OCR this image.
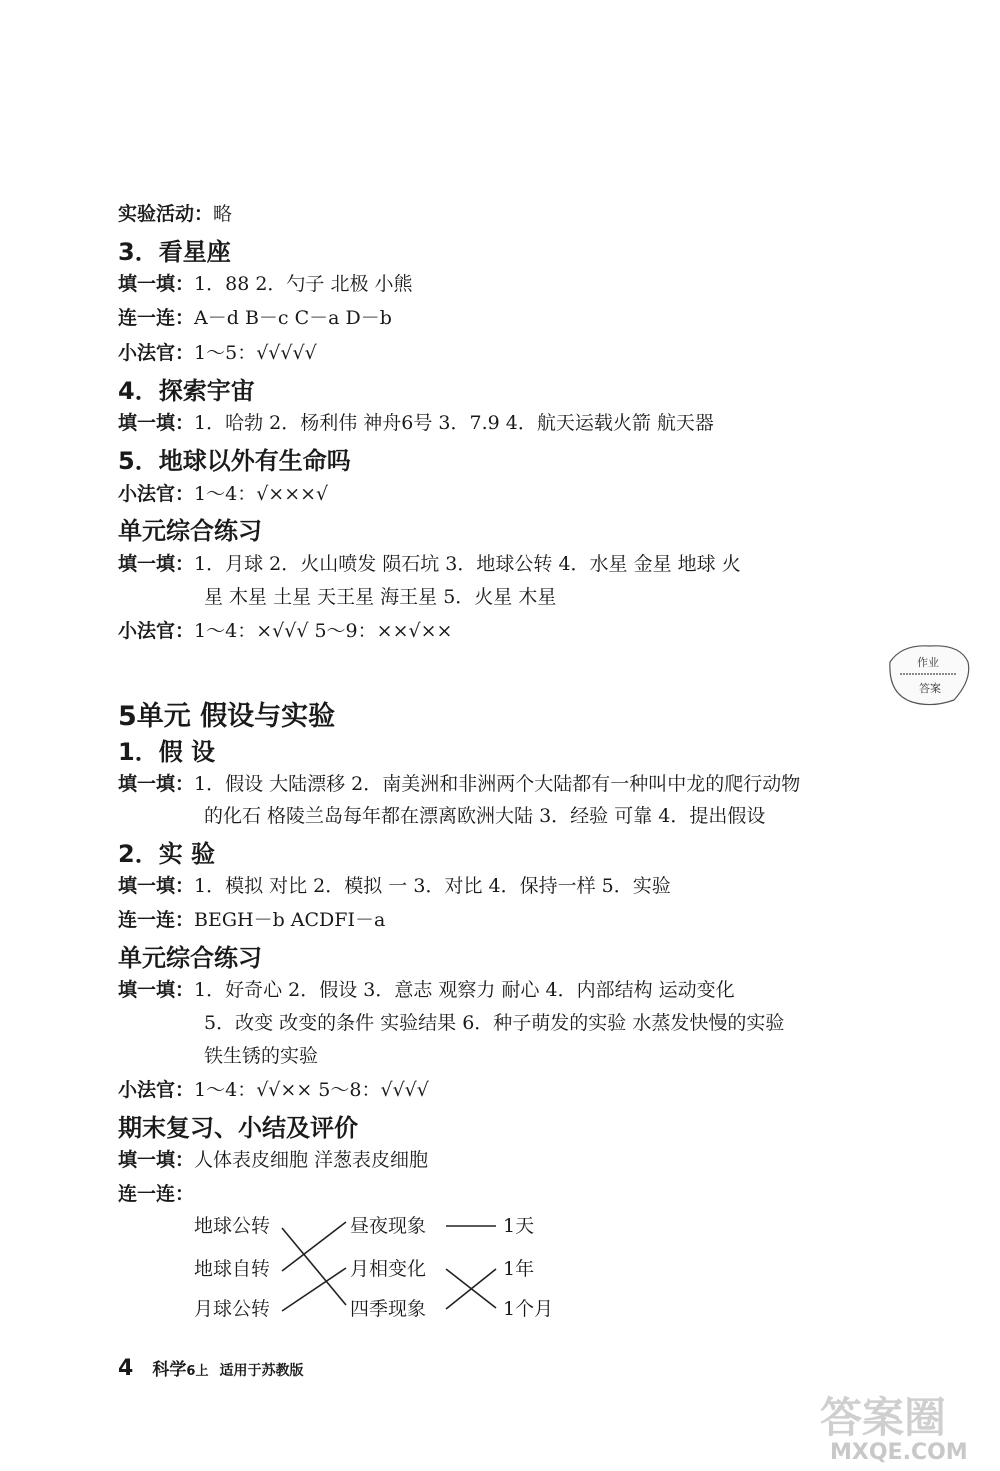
实验活动：略
3．看星座
填一填：1．88 2．勺子 北极 小熊
连一连：A－d B－c C－a D－b
小法官：1～5：√√√√√
4．探索宇宙
填一填：1．哈勃 2．杨利伟 神舟6号 3．7.9 4．航天运载火箭 航天器
5．地球以外有生命吗
小法官：1～4：√×××√
单元综合练习
填一填：1．月球 2．火山喷发 陨石坑 3．地球公转 4．水星 金星 地球 火
星 木星 土星 天王星 海王星 5．火星 木星
小法官：1～4：×√√√ 5～9：××√××
作业
答案
5单元 假设与实验
1．假 设
填一填：1．假设 大陆漂移 2．南美洲和非洲两个大陆都有一种叫中龙的爬行动物
的化石 格陵兰岛每年都在漂离欧洲大陆 3．经验 可靠 4．提出假设
2．实 验
填一填：1．模拟 对比 2．模拟 一 3．对比 4．保持一样 5．实验
连一连：BEGH－b ACDFI－a
单元综合练习
填一填：1．好奇心 2．假设 3．意志 观察力 耐心 4．内部结构 运动变化
5．改变 改变的条件 实验结果 6．种子萌发的实验 水蒸发快慢的实验
铁生锈的实验
小法官：1～4：√√×× 5～8：√√√√
期末复习、小结及评价
填一填：人体表皮细胞 洋葱表皮细胞
连一连：
地球公转
地球自转
月球公转
昼夜现象
月相变化
四季现象
1天
1年
1个月
4 科学6上 适用于苏教版
答案圈
MXQE.COM
